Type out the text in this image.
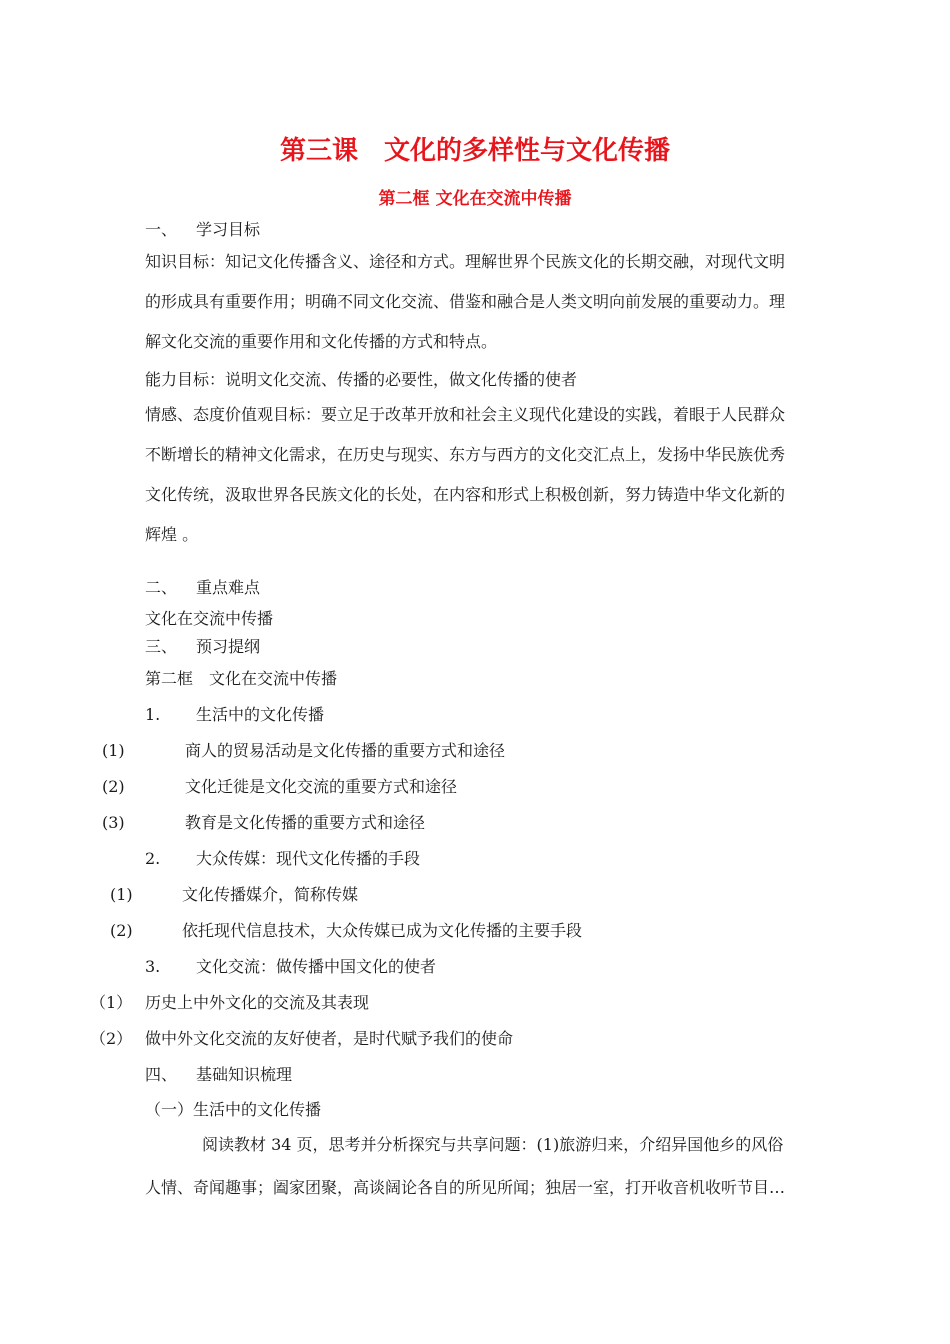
第三课　文化的多样性与文化传播
第二框 文化在交流中传播
一、 学习目标
知识目标：知记文化传播含义、途径和方式。理解世界个民族文化的长期交融，对现代文明
的形成具有重要作用；明确不同文化交流、借鉴和融合是人类文明向前发展的重要动力。理
解文化交流的重要作用和文化传播的方式和特点。
能力目标：说明文化交流、传播的必要性，做文化传播的使者
情感、态度价值观目标：要立足于改革开放和社会主义现代化建设的实践，着眼于人民群众
不断增长的精神文化需求，在历史与现实、东方与西方的文化交汇点上，发扬中华民族优秀
文化传统，汲取世界各民族文化的长处，在内容和形式上积极创新，努力铸造中华文化新的
辉煌 。
二、 重点难点
文化在交流中传播
三、 预习提纲
第二框　文化在交流中传播
1. 生活中的文化传播
(1)	商人的贸易活动是文化传播的重要方式和途径
(2)	文化迁徙是文化交流的重要方式和途径
(3)	教育是文化传播的重要方式和途径
2. 大众传媒：现代文化传播的手段
(1)	文化传播媒介，简称传媒
(2)	依托现代信息技术，大众传媒已成为文化传播的主要手段
3. 文化交流：做传播中国文化的使者
（1） 历史上中外文化的交流及其表现
（2） 做中外文化交流的友好使者，是时代赋予我们的使命
四、 基础知识梳理
（一）生活中的文化传播
阅读教材 34 页，思考并分析探究与共享问题：(1)旅游归来，介绍异国他乡的风俗
人情、奇闻趣事；阖家团聚，高谈阔论各自的所见所闻；独居一室，打开收音机收听节目…
